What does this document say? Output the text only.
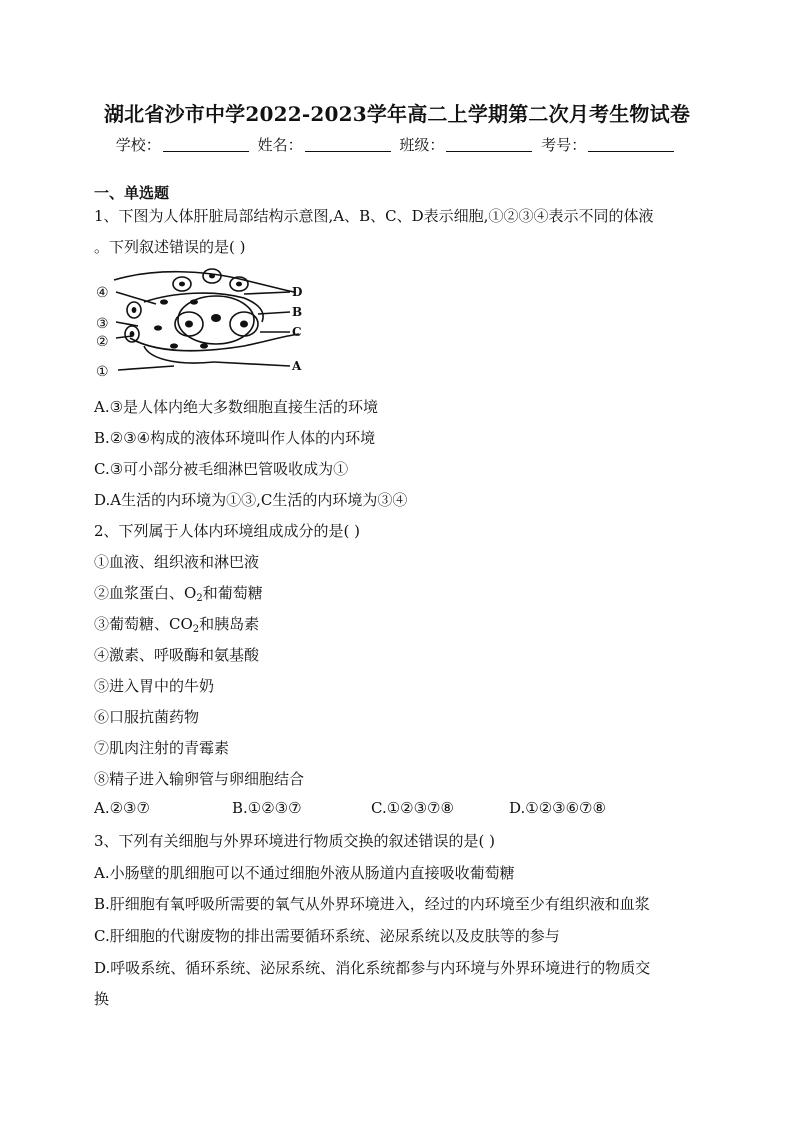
湖北省沙市中学2022-2023学年高二上学期第二次月考生物试卷
学校：	姓名：	班级：	考号：
一、单选题
1、下图为人体肝脏局部结构示意图,A、B、C、D表示细胞,①②③④表示不同的体液
。下列叙述错误的是( )
④
③
②
①
D
B
C
A
A.③是人体内绝大多数细胞直接生活的环境
B.②③④构成的液体环境叫作人体的内环境
C.③可小部分被毛细淋巴管吸收成为①
D.A生活的内环境为①③,C生活的内环境为③④
2、下列属于人体内环境组成成分的是( )
①血液、组织液和淋巴液
②血浆蛋白、$O_2$和葡萄糖
③葡萄糖、$CO_2$和胰岛素
④激素、呼吸酶和氨基酸
⑤进入胃中的牛奶
⑥口服抗菌药物
⑦肌肉注射的青霉素
⑧精子进入输卵管与卵细胞结合
A.②③⑦	B.①②③⑦	C.①②③⑦⑧	D.①②③⑥⑦⑧
3、下列有关细胞与外界环境进行物质交换的叙述错误的是( )
A.小肠壁的肌细胞可以不通过细胞外液从肠道内直接吸收葡萄糖
B.肝细胞有氧呼吸所需要的氧气从外界环境进入，经过的内环境至少有组织液和血浆
C.肝细胞的代谢废物的排出需要循环系统、泌尿系统以及皮肤等的参与
D.呼吸系统、循环系统、泌尿系统、消化系统都参与内环境与外界环境进行的物质交
换
